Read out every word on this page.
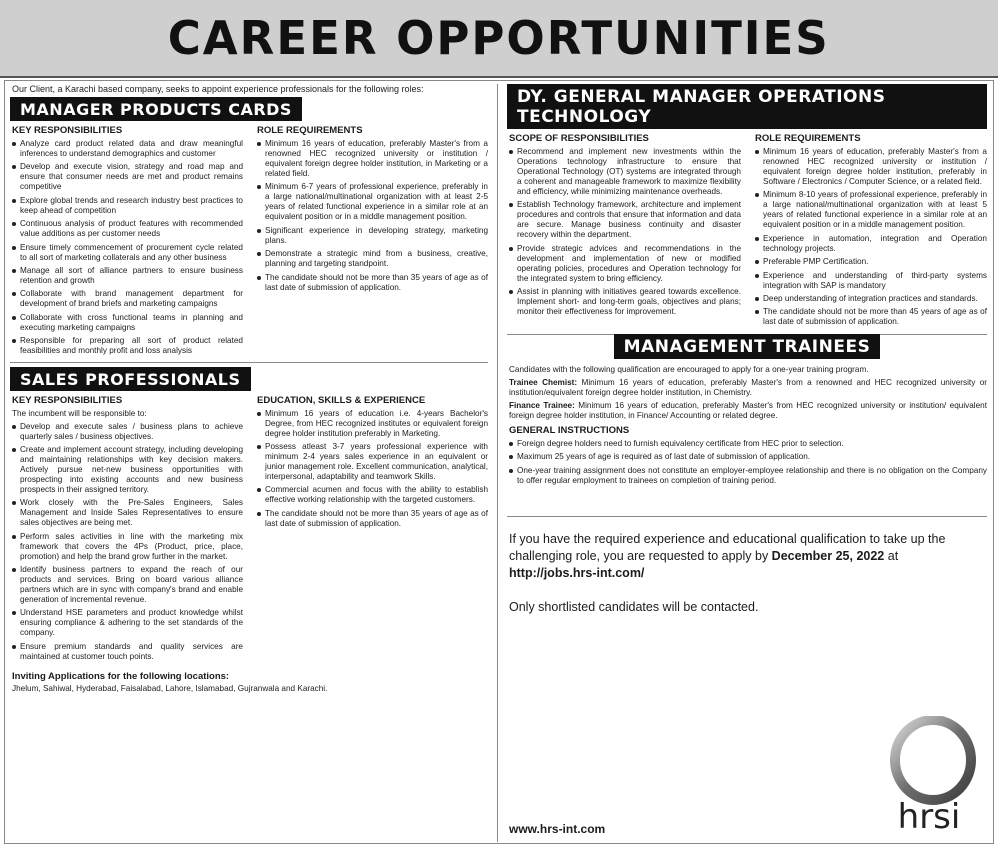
CAREER OPPORTUNITIES

Our Client, a Karachi based company, seeks to appoint experience professionals for the following roles:

MANAGER PRODUCTS CARDS
KEY RESPONSIBILITIES
Analyze card product related data and draw meaningful inferences to understand demographics and customer
Develop and execute vision, strategy and road map and ensure that consumer needs are met and product remains competitive
Explore global trends and research industry best practices to keep ahead of competition
Continuous analysis of product features with recommended value additions as per customer needs
Ensure timely commencement of procurement cycle related to all sort of marketing collaterals and any other business
Manage all sort of alliance partners to ensure business retention and growth
Collaborate with brand management department for development of brand briefs and marketing campaigns
Collaborate with cross functional teams in planning and executing marketing campaigns
Responsible for preparing all sort of product related feasibilities and monthly profit and loss analysis
ROLE REQUIREMENTS
Minimum 16 years of education, preferably Master's from a renowned HEC recognized university or institution / equivalent foreign degree holder institution, in Marketing or a related field.
Minimum 6-7 years of professional experience, preferably in a large national/multinational organization with at least 2-5 years of related functional experience in a similar role at an equivalent position or in a middle management position.
Significant experience in developing strategy, marketing plans.
Demonstrate a strategic mind from a business, creative, planning and targeting standpoint.
The candidate should not be more than 35 years of age as of last date of submission of application.
SALES PROFESSIONALS
KEY RESPONSIBILITIES

The incumbent will be responsible to:

Develop and execute sales / business plans to achieve quarterly sales / business objectives.
Create and implement account strategy, including developing and maintaining relationships with key decision makers. Actively pursue net-new business opportunities with prospecting into existing accounts and new business prospects in their assigned territory.
Work closely with the Pre-Sales Engineers, Sales Management and Inside Sales Representatives to ensure sales objectives are being met.
Perform sales activities in line with the marketing mix framework that covers the 4Ps (Product, price, place, promotion) and help the brand grow further in the market.
Identify business partners to expand the reach of our products and services. Bring on board various alliance partners which are in sync with company's brand and enable generation of incremental revenue.
Understand HSE parameters and product knowledge whilst ensuring compliance & adhering to the set standards of the company.
Ensure premium standards and quality services are maintained at customer touch points.
EDUCATION, SKILLS & EXPERIENCE
Minimum 16 years of education i.e. 4-years Bachelor's Degree, from HEC recognized institutes or equivalent foreign degree holder institution preferably in Marketing.
Possess atleast 3-7 years professional experience with minimum 2-4 years sales experience in an equivalent or junior management role. Excellent communication, analytical, interpersonal, adaptability and teamwork Skills.
Commercial acumen and focus with the ability to establish effective working relationship with the targeted customers.
The candidate should not be more than 35 years of age as of last date of submission of application.
Inviting Applications for the following locations:

Jhelum, Sahiwal, Hyderabad, Faisalabad, Lahore, Islamabad, Gujranwala and Karachi.

DY. GENERAL MANAGER OPERATIONS TECHNOLOGY
SCOPE OF RESPONSIBILITIES
Recommend and implement new investments within the Operations technology infrastructure to ensure that Operational Technology (OT) systems are integrated through a coherent and manageable framework to maximize flexibility and efficiency, while minimizing maintenance overheads.
Establish Technology framework, architecture and implement procedures and controls that ensure that information and data are secure. Manage business continuity and disaster recovery within the department.
Provide strategic advices and recommendations in the development and implementation of new or modified operating policies, procedures and Operation technology for the integrated system to bring efficiency.
Assist in planning with initiatives geared towards excellence. Implement short- and long-term goals, objectives and plans; monitor their effectiveness for improvement.
ROLE REQUIREMENTS
Minimum 16 years of education, preferably Master's from a renowned HEC recognized university or institution / equivalent foreign degree holder institution, preferably in Software / Electronics / Computer Science, or a related field.
Minimum 8-10 years of professional experience, preferably in a large national/multinational organization with at least 5 years of related functional experience in a similar role at an equivalent position or in a middle management position.
Experience in automation, integration and Operation technology projects.
Preferable PMP Certification.
Experience and understanding of third-party systems integration with SAP is mandatory
Deep understanding of integration practices and standards.
The candidate should not be more than 45 years of age as of last date of submission of application.
MANAGEMENT TRAINEES

Candidates with the following qualification are encouraged to apply for a one-year training program.

Trainee Chemist: Minimum 16 years of education, preferably Master's from a renowned and HEC recognized university or institution/equivalent foreign degree holder institution, in Chemistry.

Finance Trainee: Minimum 16 years of education, preferably Master's from HEC recognized university or institution/ equivalent foreign degree holder institution, in Finance/ Accounting or related degree.

GENERAL INSTRUCTIONS
Foreign degree holders need to furnish equivalency certificate from HEC prior to selection.
Maximum 25 years of age is required as of last date of submission of application.
One-year training assignment does not constitute an employer-employee relationship and there is no obligation on the Company to offer regular employment to trainees on completion of training period.

If you have the required experience and educational qualification to take up the challenging role, you are requested to apply by December 25, 2022 at http://jobs.hrs-int.com/

Only shortlisted candidates will be contacted.

www.hrs-int.com	hrsi
